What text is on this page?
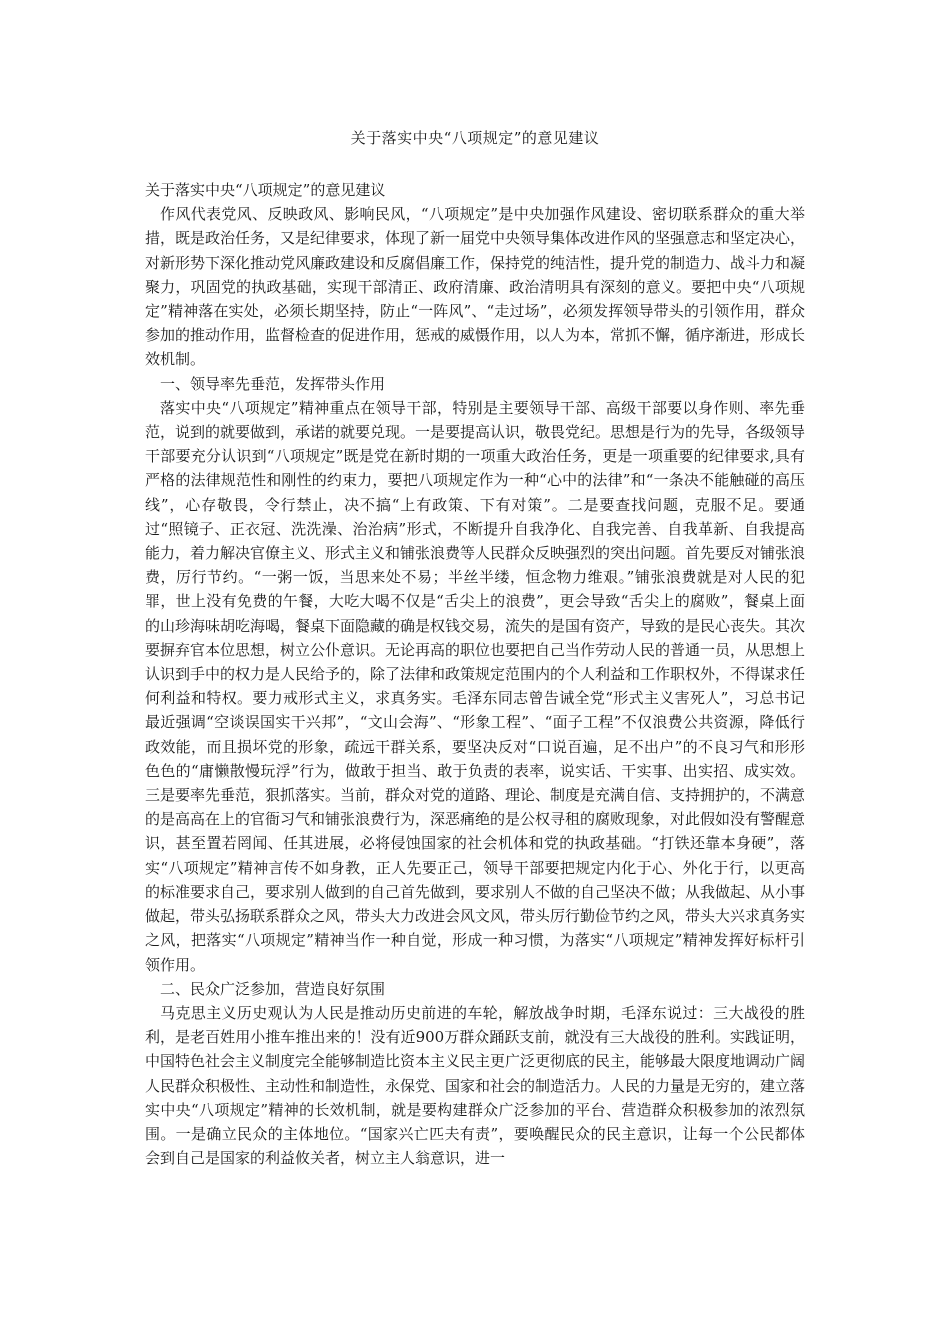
关于落实中央“八项规定”的意见建议

关于落实中央“八项规定”的意见建议

作风代表党风、反映政风、影响民风，“八项规定”是中央加强作风建设、密切联系群众的重大举措，既是政治任务，又是纪律要求，体现了新一届党中央领导集体改进作风的坚强意志和坚定决心，对新形势下深化推动党风廉政建设和反腐倡廉工作，保持党的纯洁性，提升党的制造力、战斗力和凝聚力，巩固党的执政基础，实现干部清正、政府清廉、政治清明具有深刻的意义。要把中央“八项规定”精神落在实处，必须长期坚持，防止“一阵风”、“走过场”，必须发挥领导带头的引领作用，群众参加的推动作用，监督检查的促进作用，惩戒的威慑作用，以人为本，常抓不懈，循序渐进，形成长效机制。

一、领导率先垂范，发挥带头作用

落实中央“八项规定”精神重点在领导干部，特别是主要领导干部、高级干部要以身作则、率先垂范，说到的就要做到，承诺的就要兑现。一是要提高认识，敬畏党纪。思想是行为的先导，各级领导干部要充分认识到“八项规定”既是党在新时期的一项重大政治任务，更是一项重要的纪律要求,具有严格的法律规范性和刚性的约束力，要把八项规定作为一种“心中的法律”和“一条决不能触碰的高压线”，心存敬畏，令行禁止，决不搞“上有政策、下有对策”。二是要查找问题，克服不足。要通过“照镜子、正衣冠、洗洗澡、治治病”形式，不断提升自我净化、自我完善、自我革新、自我提高能力，着力解决官僚主义、形式主义和铺张浪费等人民群众反映强烈的突出问题。首先要反对铺张浪费，厉行节约。“一粥一饭，当思来处不易；半丝半缕，恒念物力维艰。”铺张浪费就是对人民的犯罪，世上没有免费的午餐，大吃大喝不仅是“舌尖上的浪费”，更会导致“舌尖上的腐败”，餐桌上面的山珍海味胡吃海喝，餐桌下面隐藏的确是权钱交易，流失的是国有资产，导致的是民心丧失。其次要摒弃官本位思想，树立公仆意识。无论再高的职位也要把自己当作劳动人民的普通一员，从思想上认识到手中的权力是人民给予的，除了法律和政策规定范围内的个人利益和工作职权外，不得谋求任何利益和特权。要力戒形式主义，求真务实。毛泽东同志曾告诫全党“形式主义害死人”，习总书记最近强调“空谈误国实干兴邦”，“文山会海”、“形象工程”、“面子工程”不仅浪费公共资源，降低行政效能，而且损坏党的形象，疏远干群关系，要坚决反对“口说百遍，足不出户”的不良习气和形形色色的“庸懒散慢玩浮”行为，做敢于担当、敢于负责的表率，说实话、干实事、出实招、成实效。三是要率先垂范，狠抓落实。当前，群众对党的道路、理论、制度是充满自信、支持拥护的，不满意的是高高在上的官衙习气和铺张浪费行为，深恶痛绝的是公权寻租的腐败现象，对此假如没有警醒意识，甚至置若罔闻、任其进展，必将侵蚀国家的社会机体和党的执政基础。“打铁还靠本身硬”，落实“八项规定”精神言传不如身教，正人先要正己，领导干部要把规定内化于心、外化于行，以更高的标准要求自己，要求别人做到的自己首先做到，要求别人不做的自己坚决不做；从我做起、从小事做起，带头弘扬联系群众之风，带头大力改进会风文风，带头厉行勤俭节约之风，带头大兴求真务实之风，把落实“八项规定”精神当作一种自觉，形成一种习惯，为落实“八项规定”精神发挥好标杆引领作用。

二、民众广泛参加，营造良好氛围

马克思主义历史观认为人民是推动历史前进的车轮，解放战争时期，毛泽东说过：三大战役的胜利，是老百姓用小推车推出来的！没有近900万群众踊跃支前，就没有三大战役的胜利。实践证明，中国特色社会主义制度完全能够制造比资本主义民主更广泛更彻底的民主，能够最大限度地调动广阔人民群众积极性、主动性和制造性，永保党、国家和社会的制造活力。人民的力量是无穷的，建立落实中央“八项规定”精神的长效机制，就是要构建群众广泛参加的平台、营造群众积极参加的浓烈氛围。一是确立民众的主体地位。“国家兴亡匹夫有责”，要唤醒民众的民主意识，让每一个公民都体会到自己是国家的利益攸关者，树立主人翁意识，进一
